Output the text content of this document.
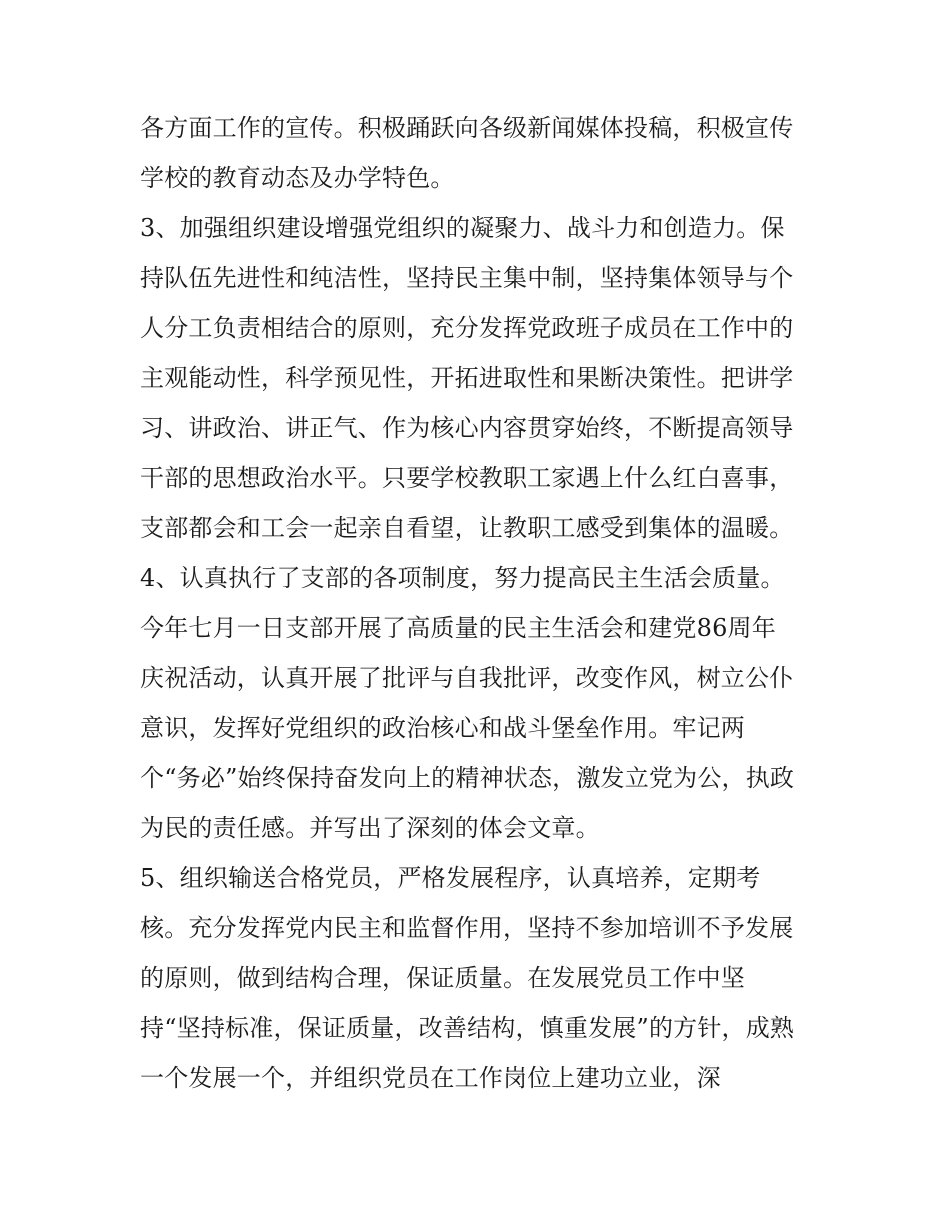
各方面工作的宣传。积极踊跃向各级新闻媒体投稿，积极宣传
学校的教育动态及办学特色。
3、加强组织建设增强党组织的凝聚力、战斗力和创造力。保
持队伍先进性和纯洁性，坚持民主集中制，坚持集体领导与个
人分工负责相结合的原则，充分发挥党政班子成员在工作中的
主观能动性，科学预见性，开拓进取性和果断决策性。把讲学
习、讲政治、讲正气、作为核心内容贯穿始终，不断提高领导
干部的思想政治水平。只要学校教职工家遇上什么红白喜事，
支部都会和工会一起亲自看望，让教职工感受到集体的温暖。
4、认真执行了支部的各项制度，努力提高民主生活会质量。
今年七月一日支部开展了高质量的民主生活会和建党86周年
庆祝活动，认真开展了批评与自我批评，改变作风，树立公仆
意识，发挥好党组织的政治核心和战斗堡垒作用。牢记两
个“务必”始终保持奋发向上的精神状态，激发立党为公，执政
为民的责任感。并写出了深刻的体会文章。
5、组织输送合格党员，严格发展程序，认真培养，定期考
核。充分发挥党内民主和监督作用，坚持不参加培训不予发展
的原则，做到结构合理，保证质量。在发展党员工作中坚
持“坚持标准，保证质量，改善结构，慎重发展”的方针，成熟
一个发展一个，并组织党员在工作岗位上建功立业，深
